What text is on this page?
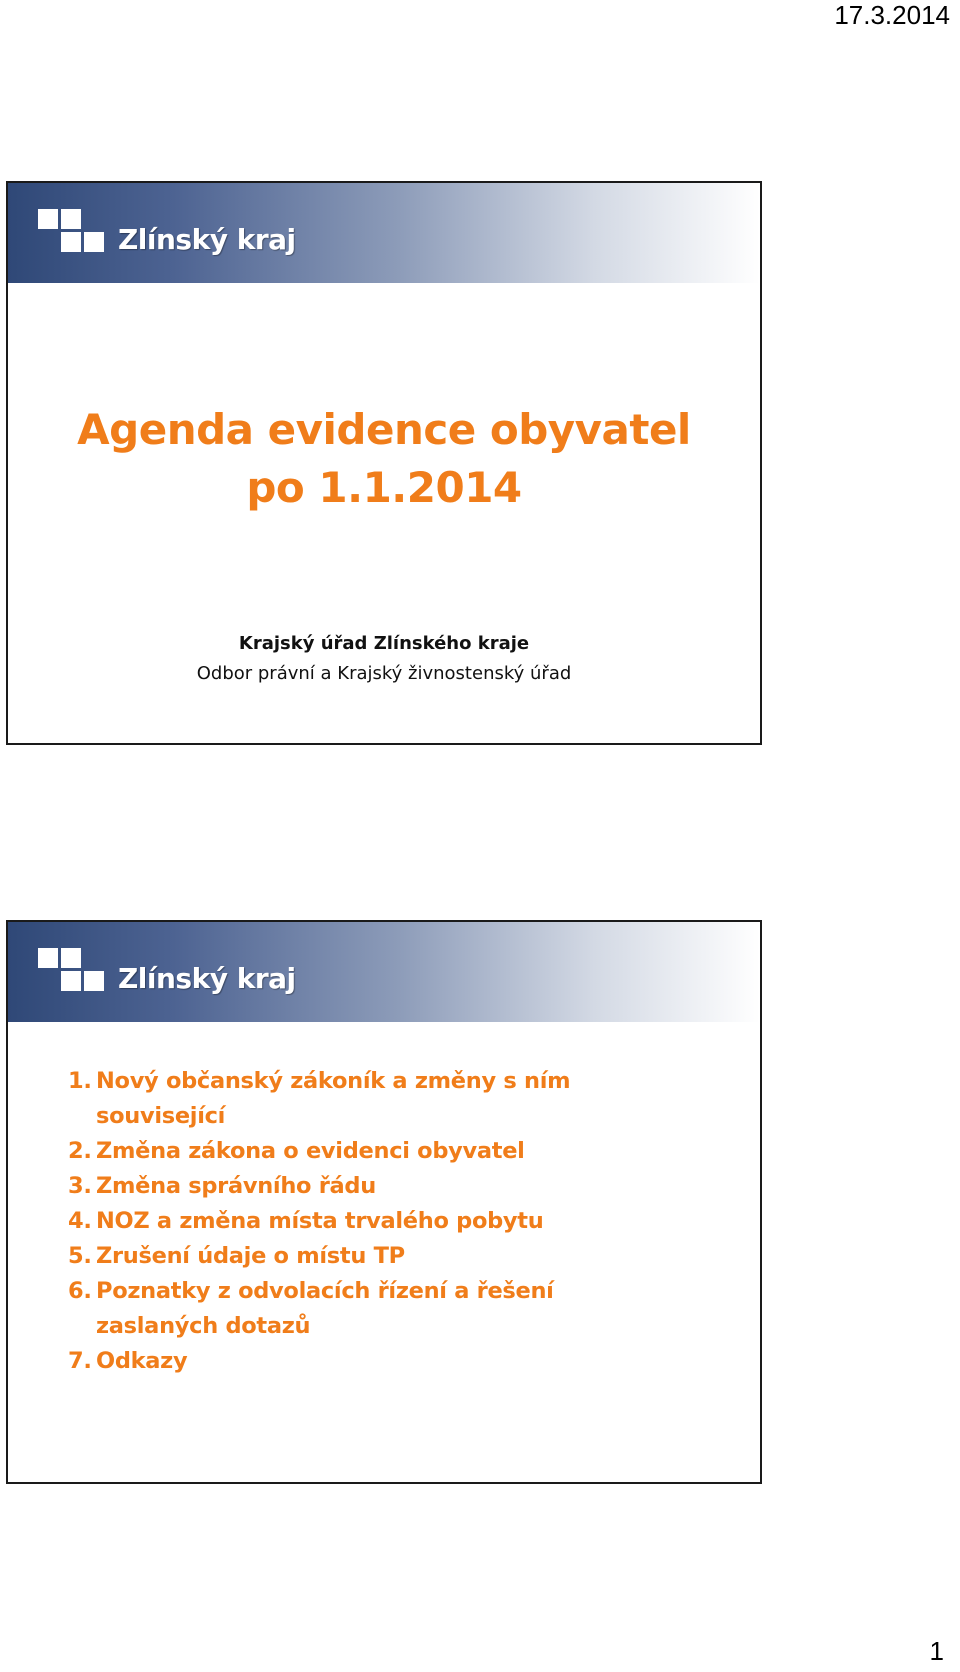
17.3.2014
Zlínský kraj
Agenda evidence obyvatel
po 1.1.2014
Krajský úřad Zlínského kraje
Odbor právní a Krajský živnostenský úřad
Zlínský kraj
1. Nový občanský zákoník a změny s ním související
2. Změna zákona o evidenci obyvatel
3. Změna správního řádu
4. NOZ a změna místa trvalého pobytu
5. Zrušení údaje o místu TP
6. Poznatky z odvolacích řízení a řešení zaslaných dotazů
7. Odkazy
1
